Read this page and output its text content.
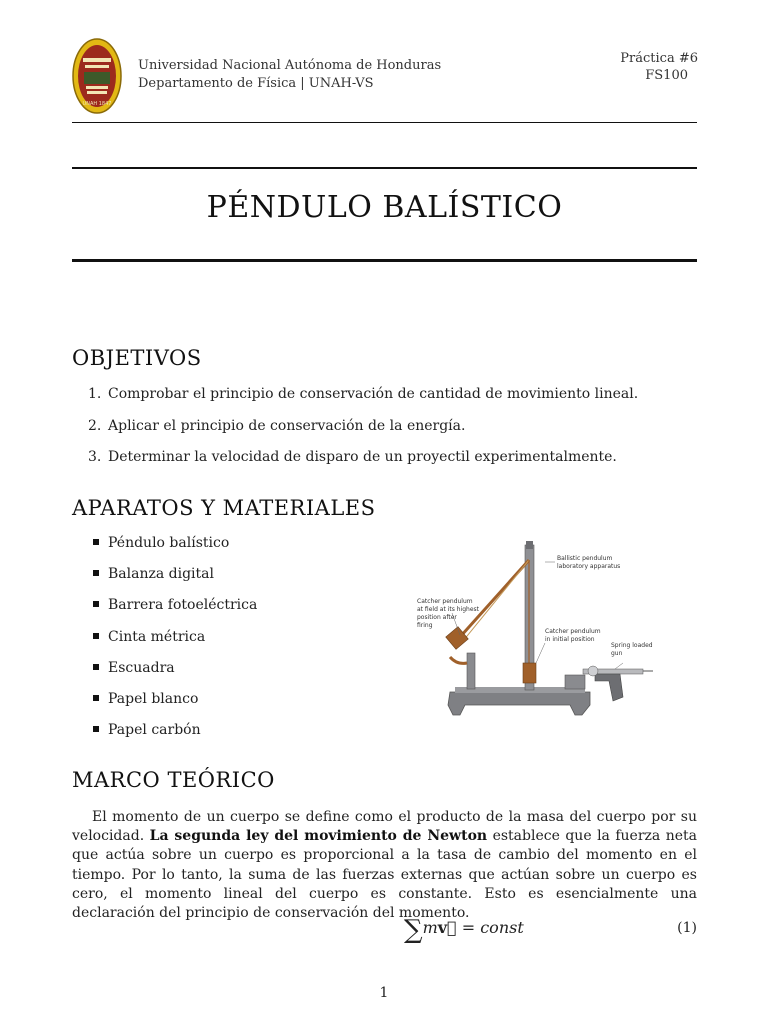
UNAH 1847
Universidad Nacional Autónoma de Honduras
Departamento de Física | UNAH-VS
Práctica #6
FS100
PÉNDULO BALÍSTICO
OBJETIVOS
1. Comprobar el principio de conservación de cantidad de movimiento lineal.
2. Aplicar el principio de conservación de la energía.
3. Determinar la velocidad de disparo de un proyectil experimentalmente.
APARATOS Y MATERIALES
Péndulo balístico
Balanza digital
Barrera fotoeléctrica
Cinta métrica
Escuadra
Papel blanco
Papel carbón
Ballistic pendulum
laboratory apparatus
Catcher pendulum
at field at its highest
position after
firing
Catcher pendulum
in initial position
Spring loaded
gun
MARCO TEÓRICO
El momento de un cuerpo se define como el producto de la masa del cuerpo por su velocidad. La segunda ley del movimiento de Newton establece que la fuerza neta que actúa sobre un cuerpo es proporcional a la tasa de cambio del momento en el tiempo. Por lo tanto, la suma de las fuerzas externas que actúan sobre un cuerpo es cero, el momento lineal del cuerpo es constante. Esto es esencialmente una declaración del principio de conservación del momento.
∑mv⃗ = const	(1)
1
